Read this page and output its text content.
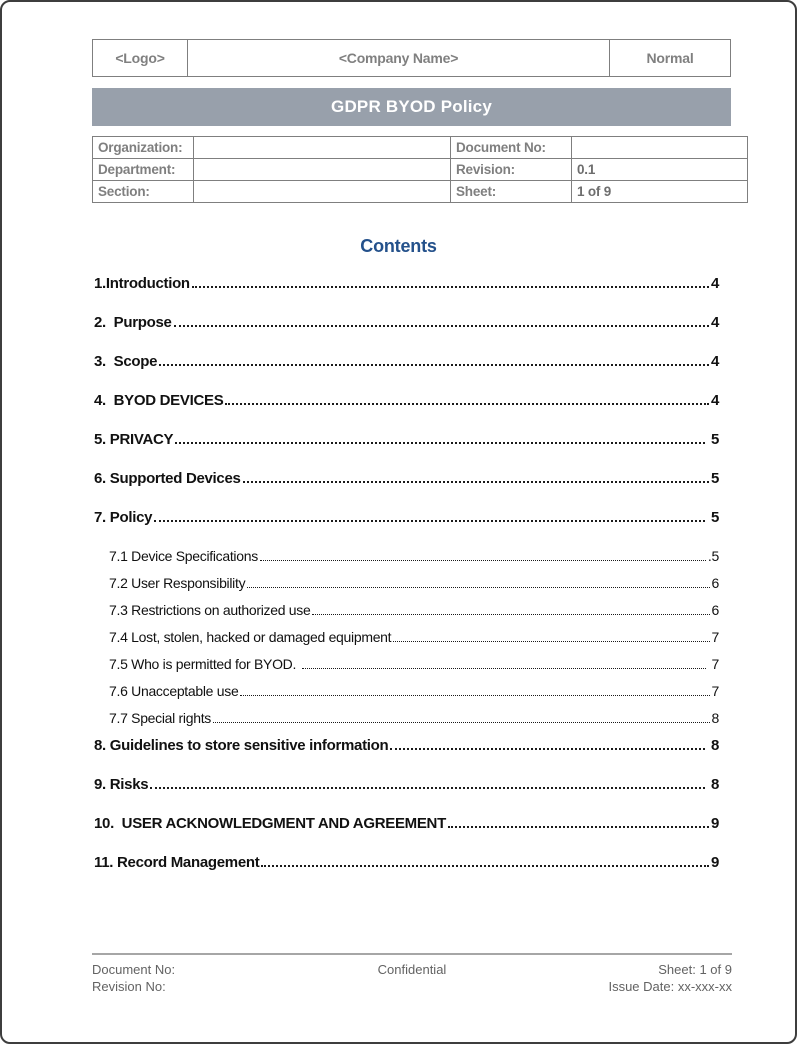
<Logo>	<Company Name>	Normal
GDPR BYOD Policy
Organization:		Document No:	
Department:		Revision:	0.1
Section:		Sheet:	1 of 9
Contents
1.Introduction	4
2.  Purpose	4
3.  Scope	4
4.  BYOD DEVICES	4
5. PRIVACY	5
6. Supported Devices	5
7. Policy	5
7.1 Device Specifications	.5
7.2 User Responsibility	6
7.3 Restrictions on authorized use	6
7.4 Lost, stolen, hacked or damaged equipment	7
7.5 Who is permitted for BYOD.	7
7.6 Unacceptable use	7
7.7 Special rights	8
8. Guidelines to store sensitive information	8
9. Risks	8
10.  USER ACKNOWLEDGMENT AND AGREEMENT	9
11. Record Management	9
Document No:
Revision No:
Confidential	Sheet: 1 of 9
Issue Date: xx-xxx-xx
